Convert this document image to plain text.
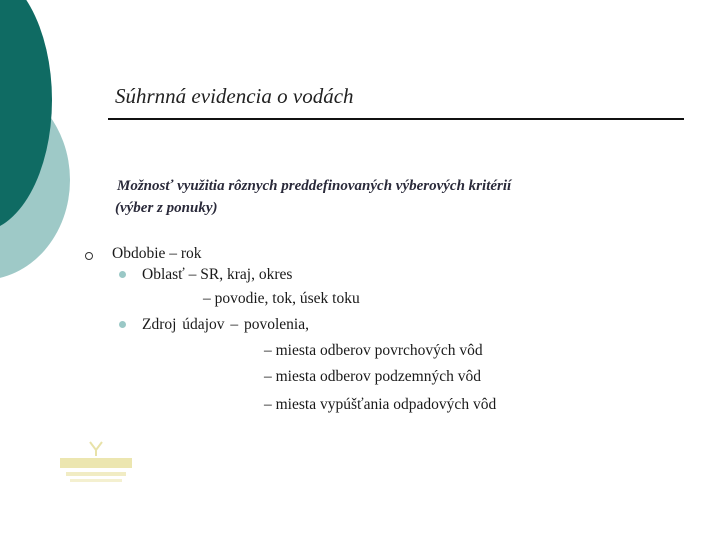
Súhrnná evidencia o vodách
Možnosť využitia rôznych preddefinovaných výberových kritérií
(výber z ponuky)
Obdobie – rok
Oblasť – SR, kraj, okres
– povodie, tok, úsek toku
Zdroj údajov – povolenia,
– miesta odberov povrchových vôd
– miesta odberov podzemných vôd
– miesta vypúšťania odpadových vôd
